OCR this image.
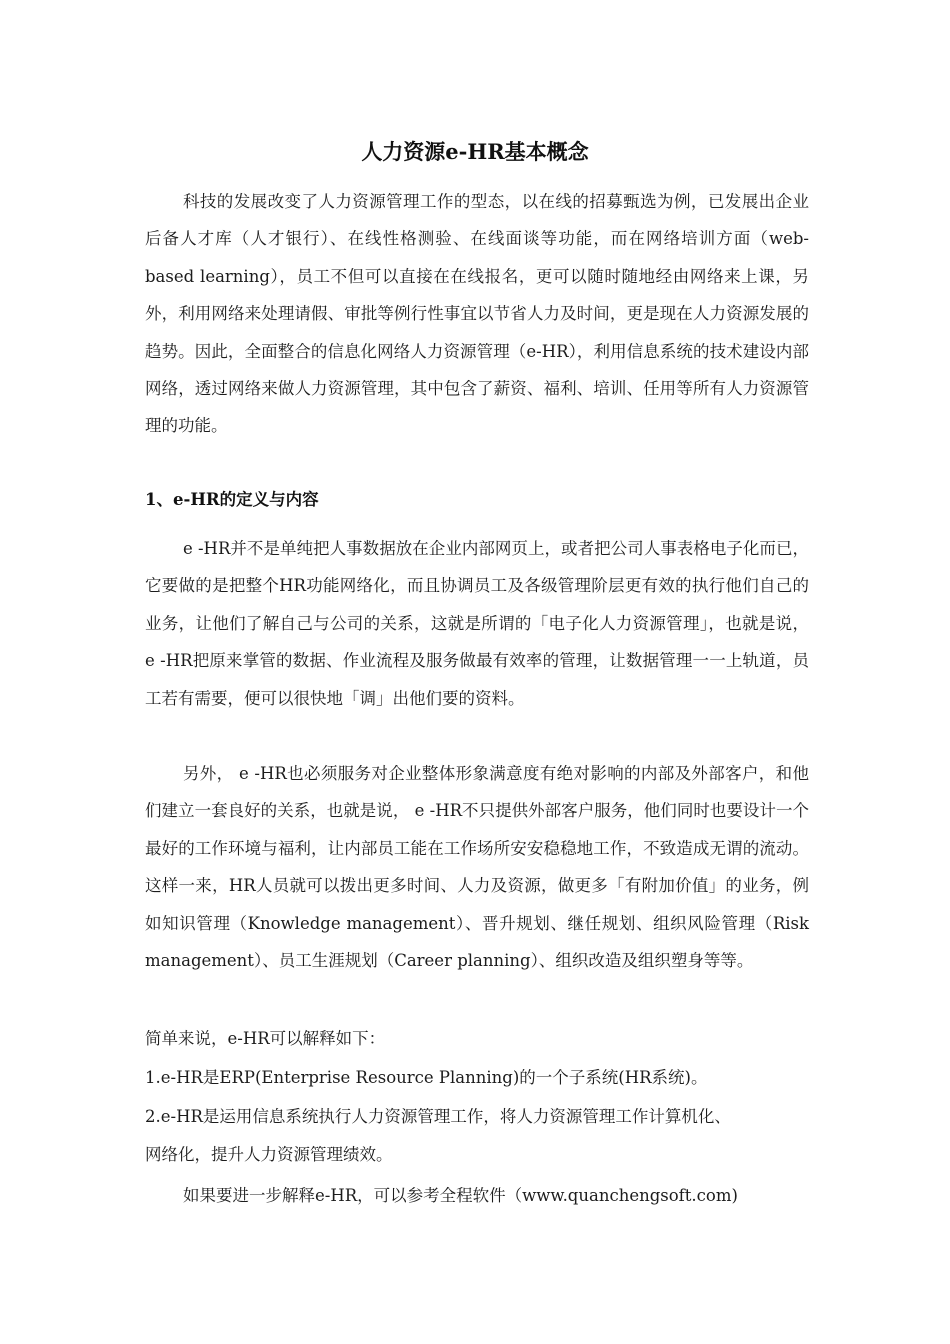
人力资源e-HR基本概念

科技的发展改变了人力资源管理工作的型态，以在线的招募甄选为例，已发展出企业后备人才库（人才银行）、在线性格测验、在线面谈等功能，而在网络培训方面（web-based learning），员工不但可以直接在在线报名，更可以随时随地经由网络来上课，另外，利用网络来处理请假、审批等例行性事宜以节省人力及时间，更是现在人力资源发展的趋势。因此，全面整合的信息化网络人力资源管理（e-HR），利用信息系统的技术建设内部网络，透过网络来做人力资源管理，其中包含了薪资、福利、培训、任用等所有人力资源管理的功能。

1、e-HR的定义与内容

e -HR并不是单纯把人事数据放在企业内部网页上，或者把公司人事表格电子化而已，它要做的是把整个HR功能网络化，而且协调员工及各级管理阶层更有效的执行他们自己的业务，让他们了解自己与公司的关系，这就是所谓的「电子化人力资源管理」，也就是说， e -HR把原来掌管的数据、作业流程及服务做最有效率的管理，让数据管理一一上轨道，员工若有需要，便可以很快地「调」出他们要的资料。

另外， e -HR也必须服务对企业整体形象满意度有绝对影响的内部及外部客户，和他们建立一套良好的关系，也就是说， e -HR不只提供外部客户服务，他们同时也要设计一个最好的工作环境与福利，让内部员工能在工作场所安安稳稳地工作，不致造成无谓的流动。这样一来，HR人员就可以拨出更多时间、人力及资源，做更多「有附加价值」的业务，例如知识管理（Knowledge management）、晋升规划、继任规划、组织风险管理（Risk management）、员工生涯规划（Career planning）、组织改造及组织塑身等等。

简单来说，e-HR可以解释如下：

1.e-HR是ERP(Enterprise Resource Planning)的一个子系统(HR系统)。

2.e-HR是运用信息系统执行人力资源管理工作，将人力资源管理工作计算机化、

网络化，提升人力资源管理绩效。

如果要进一步解释e-HR，可以参考全程软件（www.quanchengsoft.com)
